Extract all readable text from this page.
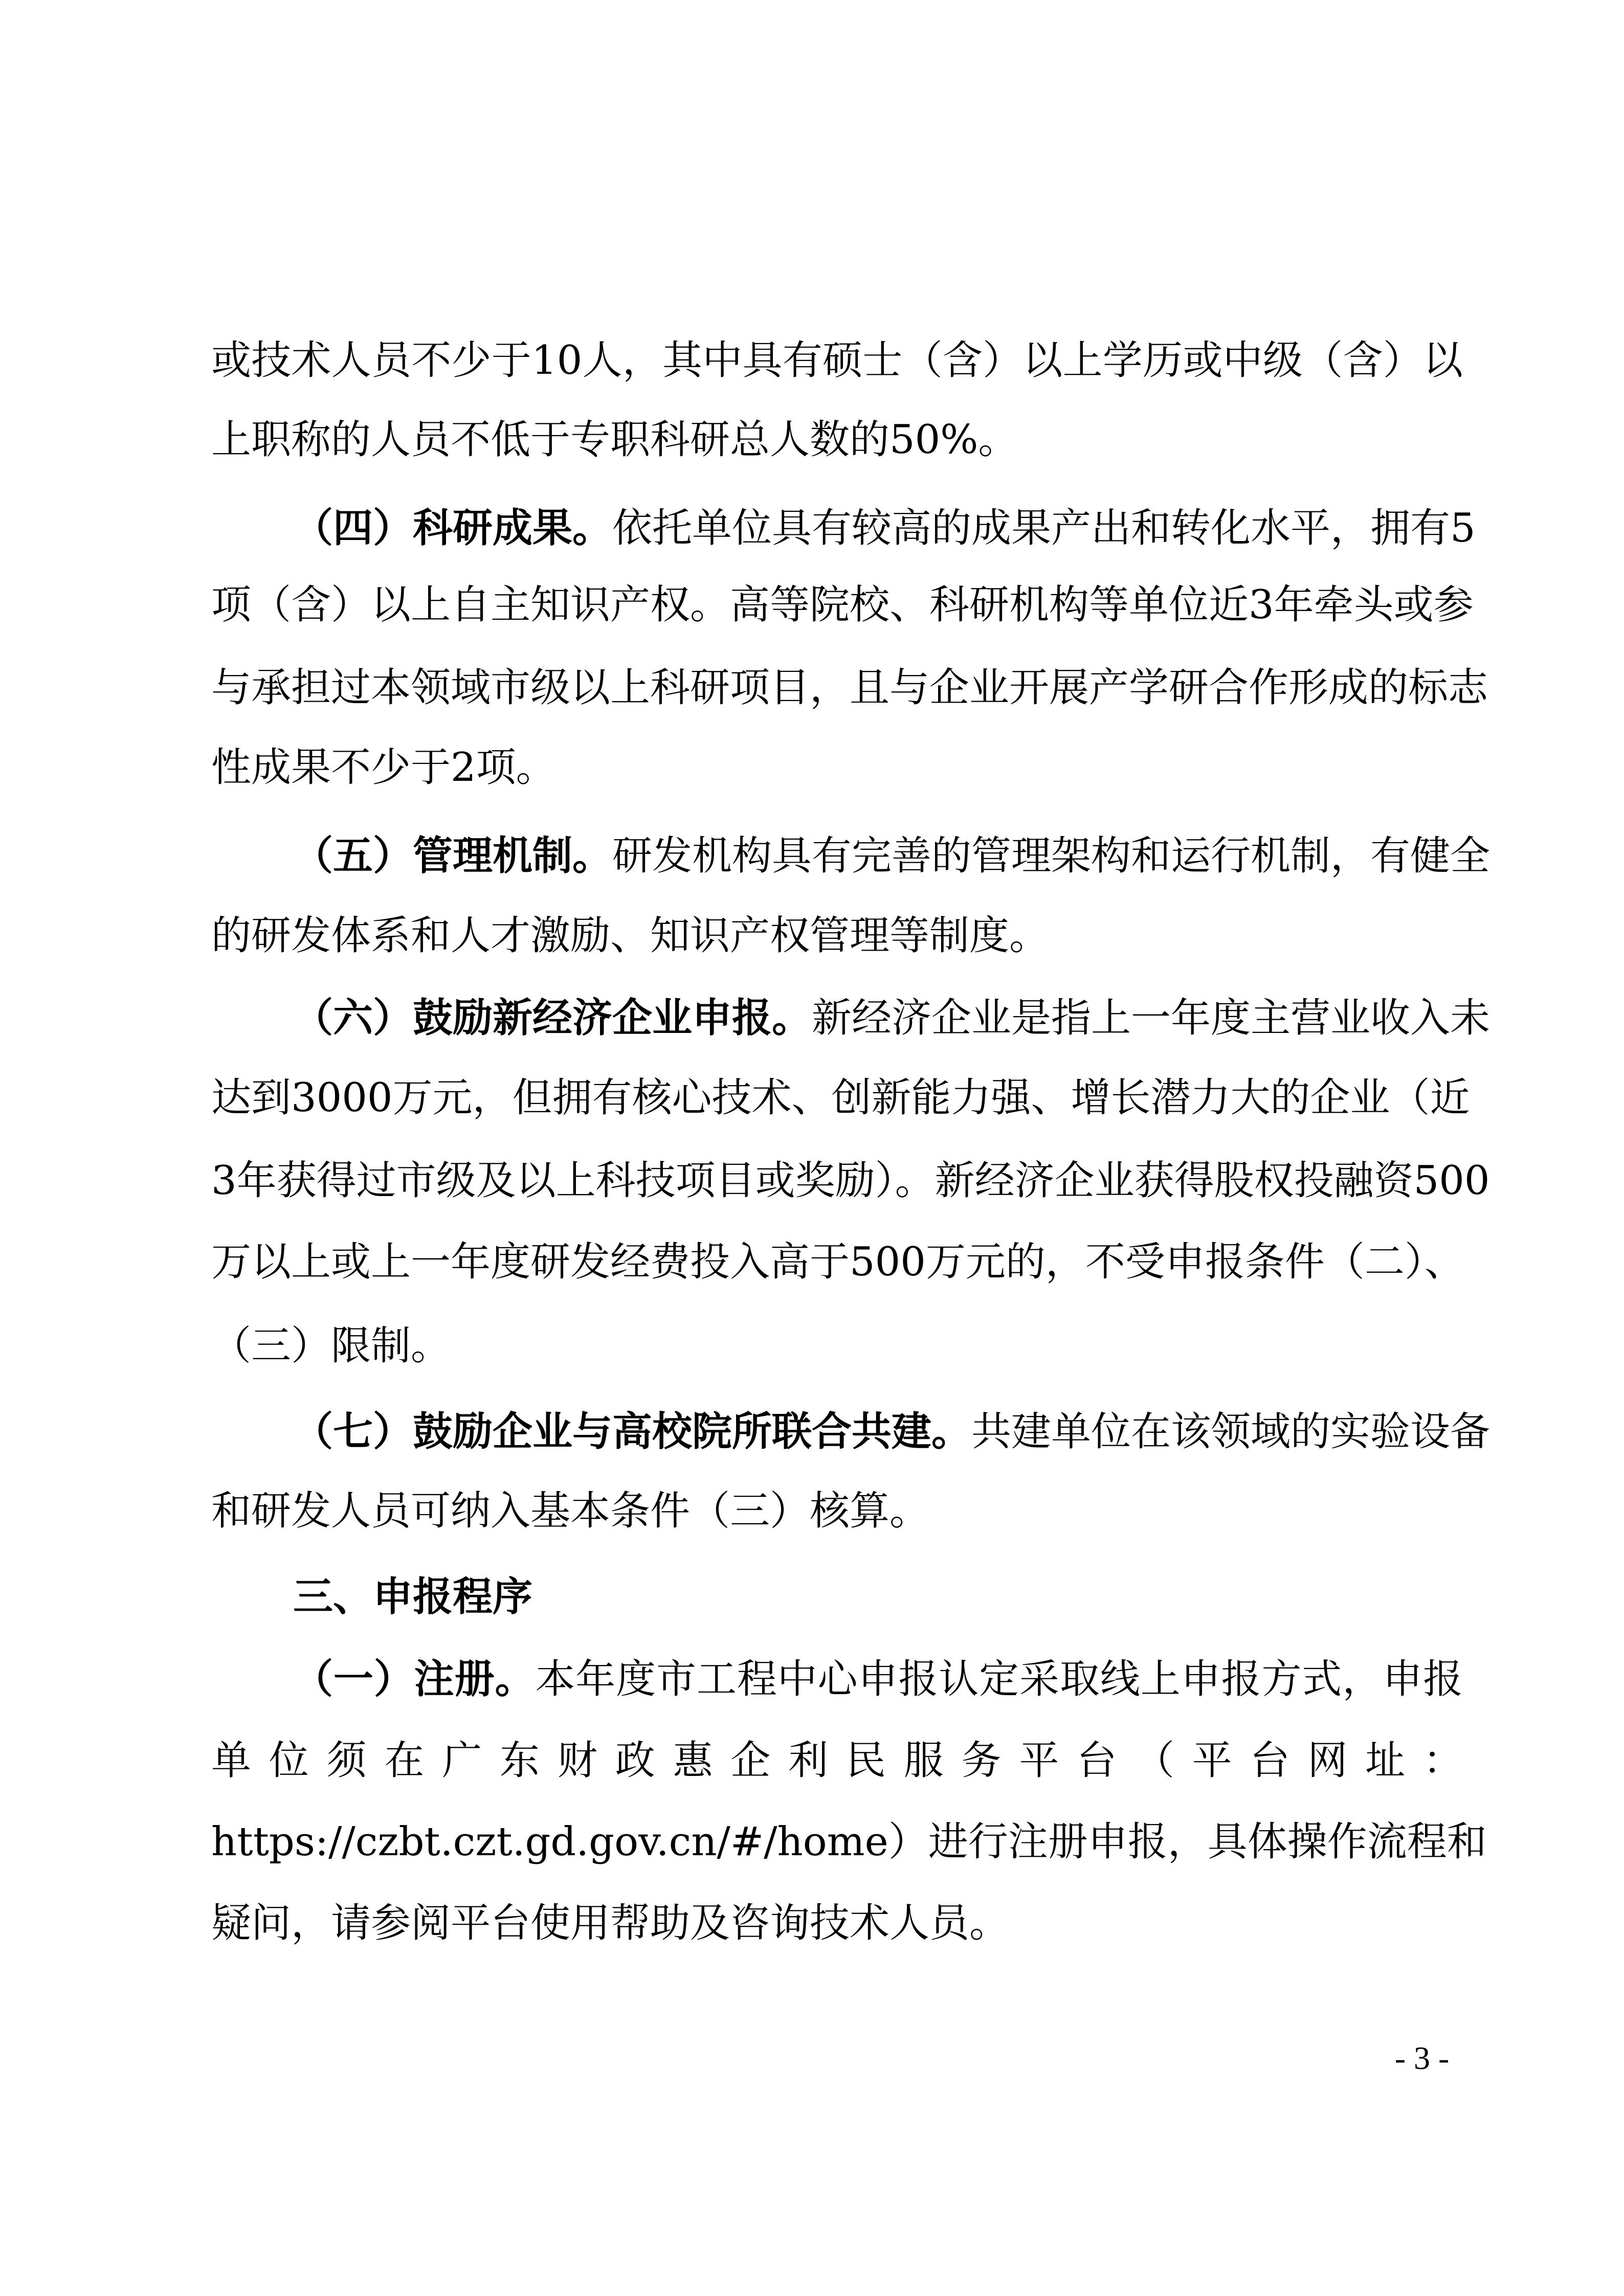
或技术人员不少于10人，其中具有硕士（含）以上学历或中级（含）以
上职称的人员不低于专职科研总人数的50%。
（四）科研成果。依托单位具有较高的成果产出和转化水平，拥有5
项（含）以上自主知识产权。高等院校、科研机构等单位近3年牵头或参
与承担过本领域市级以上科研项目，且与企业开展产学研合作形成的标志
性成果不少于2项。
（五）管理机制。研发机构具有完善的管理架构和运行机制，有健全
的研发体系和人才激励、知识产权管理等制度。
（六）鼓励新经济企业申报。新经济企业是指上一年度主营业收入未
达到3000万元，但拥有核心技术、创新能力强、增长潜力大的企业（近
3年获得过市级及以上科技项目或奖励）。新经济企业获得股权投融资500
万以上或上一年度研发经费投入高于500万元的，不受申报条件（二）、
（三）限制。
（七）鼓励企业与高校院所联合共建。共建单位在该领域的实验设备
和研发人员可纳入基本条件（三）核算。
三、申报程序
（一）注册。本年度市工程中心申报认定采取线上申报方式，申报
单位须在广东财政惠企利民服务平台（平台网址：
https://czbt.czt.gd.gov.cn/#/home）进行注册申报，具体操作流程和
疑问，请参阅平台使用帮助及咨询技术人员。
- 3 -
